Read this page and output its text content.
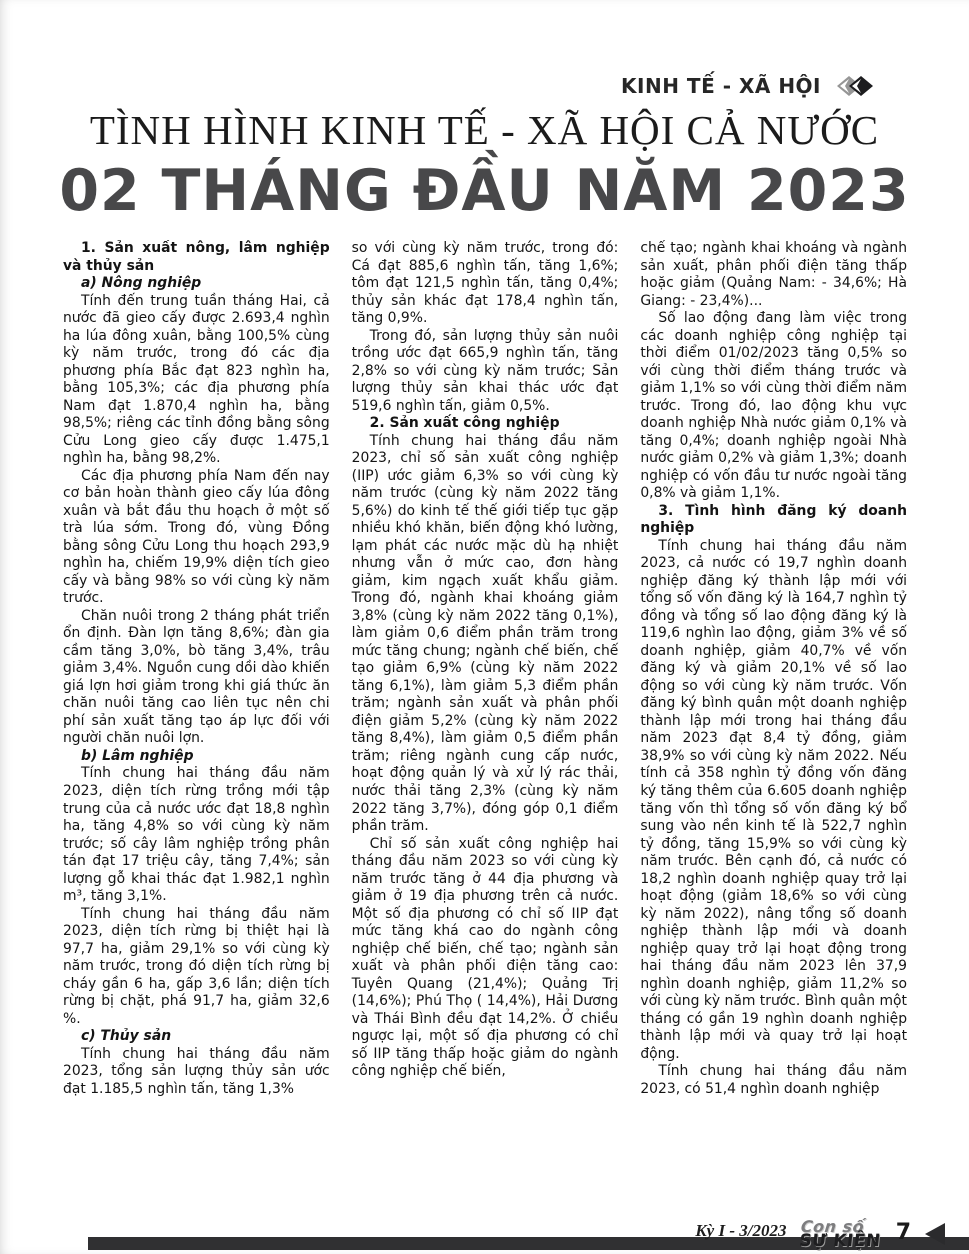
KINH TẾ - XÃ HỘI
TÌNH HÌNH KINH TẾ - XÃ HỘI CẢ NƯỚC
02 THÁNG ĐẦU NĂM 2023

1. Sản xuất nông, lâm nghiệp và thủy sản

a) Nông nghiệp

Tính đến trung tuần tháng Hai, cả nước đã gieo cấy được 2.693,4 nghìn ha lúa đông xuân, bằng 100,5% cùng kỳ năm trước, trong đó các địa phương phía Bắc đạt 823 nghìn ha, bằng 105,3%; các địa phương phía Nam đạt 1.870,4 nghìn ha, bằng 98,5%; riêng các tỉnh đồng bằng sông Cửu Long gieo cấy được 1.475,1 nghìn ha, bằng 98,2%.

Các địa phương phía Nam đến nay cơ bản hoàn thành gieo cấy lúa đông xuân và bắt đầu thu hoạch ở một số trà lúa sớm. Trong đó, vùng Đồng bằng sông Cửu Long thu hoạch 293,9 nghìn ha, chiếm 19,9% diện tích gieo cấy và bằng 98% so với cùng kỳ năm trước.

Chăn nuôi trong 2 tháng phát triển ổn định. Đàn lợn tăng 8,6%; đàn gia cầm tăng 3,0%, bò tăng 3,4%, trâu giảm 3,4%. Nguồn cung dồi dào khiến giá lợn hơi giảm trong khi giá thức ăn chăn nuôi tăng cao liên tục nên chi phí sản xuất tăng tạo áp lực đối với người chăn nuôi lợn.

b) Lâm nghiệp

Tính chung hai tháng đầu năm 2023, diện tích rừng trồng mới tập trung của cả nước ước đạt 18,8 nghìn ha, tăng 4,8% so với cùng kỳ năm trước; số cây lâm nghiệp trồng phân tán đạt 17 triệu cây, tăng 7,4%; sản lượng gỗ khai thác đạt 1.982,1 nghìn m³, tăng 3,1%.

Tính chung hai tháng đầu năm 2023, diện tích rừng bị thiệt hại là 97,7 ha, giảm 29,1% so với cùng kỳ năm trước, trong đó diện tích rừng bị cháy gần 6 ha, gấp 3,6 lần; diện tích rừng bị chặt, phá 91,7 ha, giảm 32,6 %.

c) Thủy sản

Tính chung hai tháng đầu năm 2023, tổng sản lượng thủy sản ước đạt 1.185,5 nghìn tấn, tăng 1,3%

so với cùng kỳ năm trước, trong đó: Cá đạt 885,6 nghìn tấn, tăng 1,6%; tôm đạt 121,5 nghìn tấn, tăng 0,4%; thủy sản khác đạt 178,4 nghìn tấn, tăng 0,9%.

Trong đó, sản lượng thủy sản nuôi trồng ước đạt 665,9 nghìn tấn, tăng 2,8% so với cùng kỳ năm trước; Sản lượng thủy sản khai thác ước đạt 519,6 nghìn tấn, giảm 0,5%.

2. Sản xuất công nghiệp

Tính chung hai tháng đầu năm 2023, chỉ số sản xuất công nghiệp (IIP) ước giảm 6,3% so với cùng kỳ năm trước (cùng kỳ năm 2022 tăng 5,6%) do kinh tế thế giới tiếp tục gặp nhiều khó khăn, biến động khó lường, lạm phát các nước mặc dù hạ nhiệt nhưng vẫn ở mức cao, đơn hàng giảm, kim ngạch xuất khẩu giảm. Trong đó, ngành khai khoáng giảm 3,8% (cùng kỳ năm 2022 tăng 0,1%), làm giảm 0,6 điểm phần trăm trong mức tăng chung; ngành chế biến, chế tạo giảm 6,9% (cùng kỳ năm 2022 tăng 6,1%), làm giảm 5,3 điểm phần trăm; ngành sản xuất và phân phối điện giảm 5,2% (cùng kỳ năm 2022 tăng 8,4%), làm giảm 0,5 điểm phần trăm; riêng ngành cung cấp nước, hoạt động quản lý và xử lý rác thải, nước thải tăng 2,3% (cùng kỳ năm 2022 tăng 3,7%), đóng góp 0,1 điểm phần trăm.

Chỉ số sản xuất công nghiệp hai tháng đầu năm 2023 so với cùng kỳ năm trước tăng ở 44 địa phương và giảm ở 19 địa phương trên cả nước. Một số địa phương có chỉ số IIP đạt mức tăng khá cao do ngành công nghiệp chế biến, chế tạo; ngành sản xuất và phân phối điện tăng cao: Tuyên Quang (21,4%); Quảng Trị (14,6%); Phú Thọ ( 14,4%), Hải Dương và Thái Bình đều đạt 14,2%. Ở chiều ngược lại, một số địa phương có chỉ số IIP tăng thấp hoặc giảm do ngành công nghiệp chế biến,

chế tạo; ngành khai khoáng và ngành sản xuất, phân phối điện tăng thấp hoặc giảm (Quảng Nam: - 34,6%; Hà Giang: - 23,4%)...

Số lao động đang làm việc trong các doanh nghiệp công nghiệp tại thời điểm 01/02/2023 tăng 0,5% so với cùng thời điểm tháng trước và giảm 1,1% so với cùng thời điểm năm trước. Trong đó, lao động khu vực doanh nghiệp Nhà nước giảm 0,1% và tăng 0,4%; doanh nghiệp ngoài Nhà nước giảm 0,2% và giảm 1,3%; doanh nghiệp có vốn đầu tư nước ngoài tăng 0,8% và giảm 1,1%.

3. Tình hình đăng ký doanh nghiệp

Tính chung hai tháng đầu năm 2023, cả nước có 19,7 nghìn doanh nghiệp đăng ký thành lập mới với tổng số vốn đăng ký là 164,7 nghìn tỷ đồng và tổng số lao động đăng ký là 119,6 nghìn lao động, giảm 3% về số doanh nghiệp, giảm 40,7% về vốn đăng ký và giảm 20,1% về số lao động so với cùng kỳ năm trước. Vốn đăng ký bình quân một doanh nghiệp thành lập mới trong hai tháng đầu năm 2023 đạt 8,4 tỷ đồng, giảm 38,9% so với cùng kỳ năm 2022. Nếu tính cả 358 nghìn tỷ đồng vốn đăng ký tăng thêm của 6.605 doanh nghiệp tăng vốn thì tổng số vốn đăng ký bổ sung vào nền kinh tế là 522,7 nghìn tỷ đồng, tăng 15,9% so với cùng kỳ năm trước. Bên cạnh đó, cả nước có 18,2 nghìn doanh nghiệp quay trở lại hoạt động (giảm 18,6% so với cùng kỳ năm 2022), nâng tổng số doanh nghiệp thành lập mới và doanh nghiệp quay trở lại hoạt động trong hai tháng đầu năm 2023 lên 37,9 nghìn doanh nghiệp, giảm 11,2% so với cùng kỳ năm trước. Bình quân một tháng có gần 19 nghìn doanh nghiệp thành lập mới và quay trở lại hoạt động.

Tính chung hai tháng đầu năm 2023, có 51,4 nghìn doanh nghiệp

Kỳ I - 3/2023 Con số
SỰ KIỆN 7
